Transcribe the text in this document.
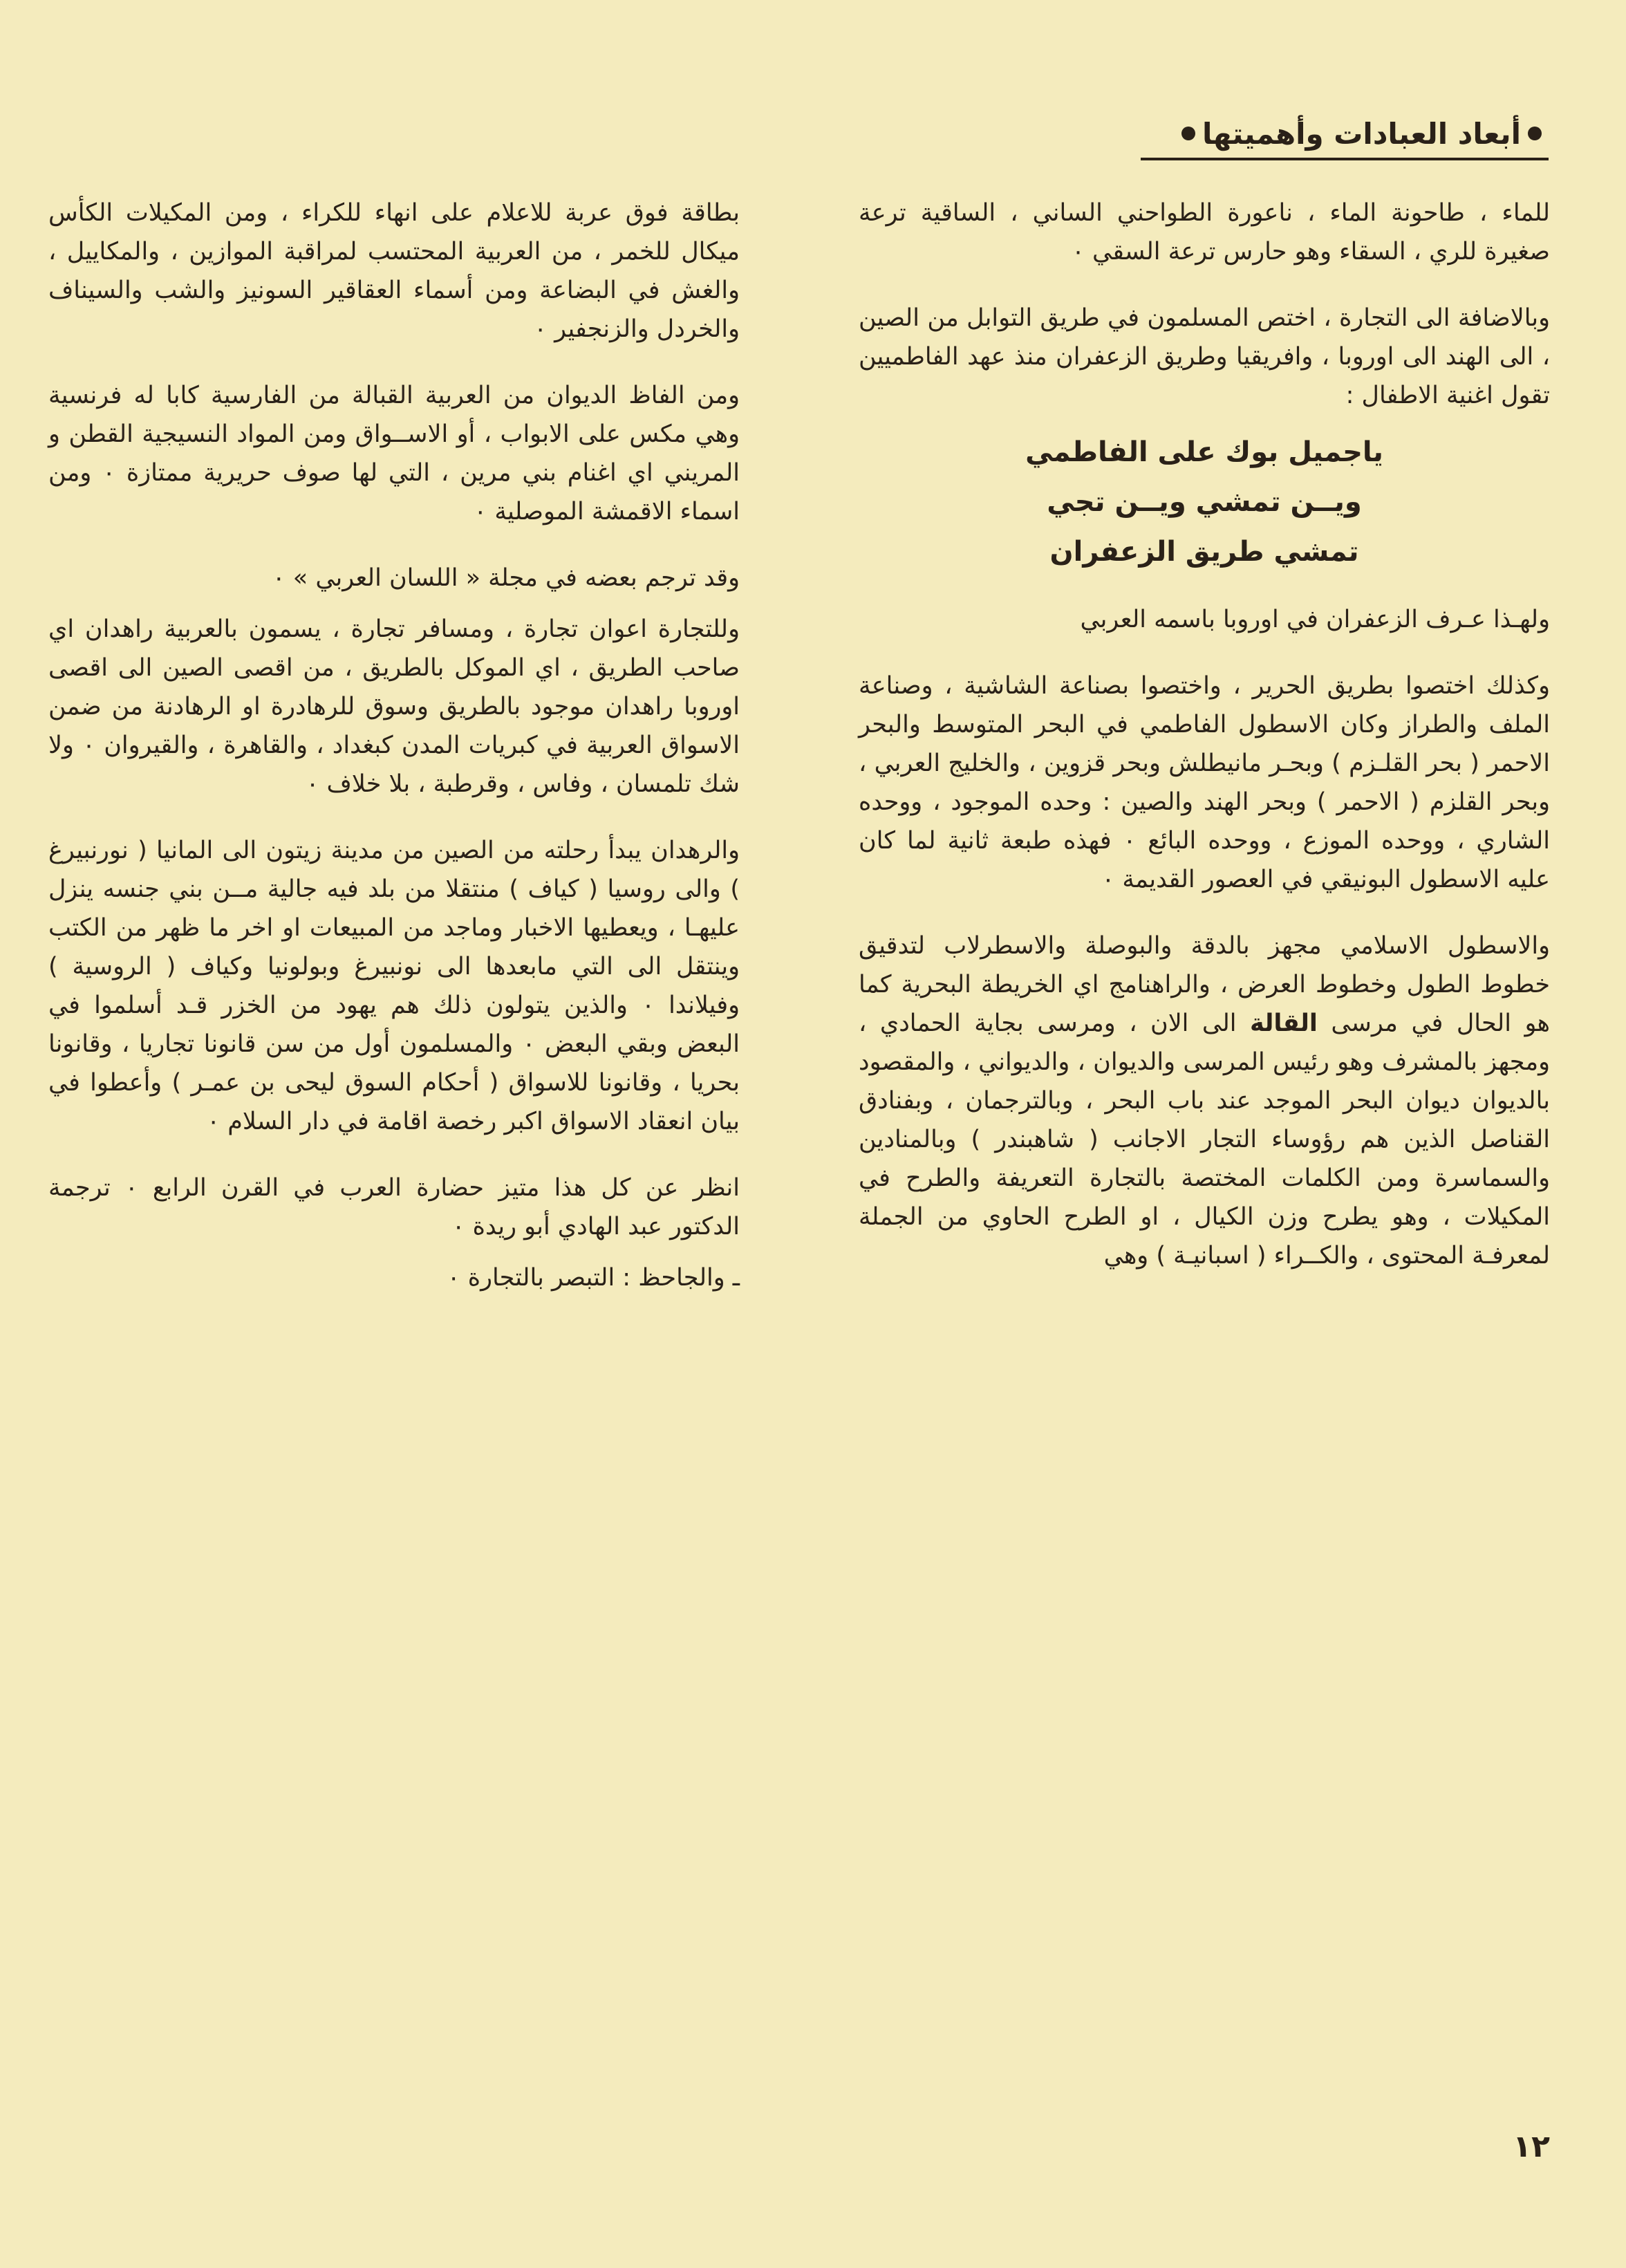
أبعاد العبادات وأهميتها

للماء ، طاحونة الماء ، ناعورة الطواحني الساني ، الساقية ترعة صغيرة للري ، السقاء وهو حارس ترعة السقي ٠

وبالاضافة الى التجارة ، اختص المسلمون في طريق التوابل من الصين ، الى الهند الى اوروبا ، وافريقيا وطريق الزعفران منذ عهد الفاطميين تقول اغنية الاطفال :

ياجميل بوك على الفاطمي
ويــن تمشي ويــن تجي
تمشي طريق الزعفران

ولهـذا عـرف الزعفران في اوروبا باسمه العربي

وكذلك اختصوا بطريق الحرير ، واختصوا بصناعة الشاشية ، وصناعة الملف والطراز وكان الاسطول الفاطمي في البحر المتوسط والبحر الاحمر ( بحر القلـزم ) وبحـر مانيطلش وبحر قزوين ، والخليج العربي ، وبحر القلزم ( الاحمر ) وبحر الهند والصين : وحده الموجود ، ووحده الشاري ، ووحده الموزع ، ووحده البائع ٠ فهذه طبعة ثانية لما كان عليه الاسطول البونيقي في العصور القديمة ٠

والاسطول الاسلامي مجهز بالدقة والبوصلة والاسطرلاب لتدقيق خطوط الطول وخطوط العرض ، والراهنامج اي الخريطة البحرية كما هو الحال في مرسى القالة الى الان ، ومرسى بجاية الحمادي ، ومجهز بالمشرف وهو رئيس المرسى والديوان ، والديواني ، والمقصود بالديوان ديوان البحر الموجد عند باب البحر ، وبالترجمان ، وبفنادق القناصل الذين هم رؤوساء التجار الاجانب ( شاهبندر ) وبالمنادين والسماسرة ومن الكلمات المختصة بالتجارة التعريفة والطرح في المكيلات ، وهو يطرح وزن الكيال ، او الطرح الحاوي من الجملة لمعرفـة المحتوى ، والكــراء ( اسبانيـة ) وهي

بطاقة فوق عربة للاعلام على انهاء للكراء ، ومن المكيلات الكأس ميكال للخمر ، من العربية المحتسب لمراقبة الموازين ، والمكاييل ، والغش في البضاعة ومن أسماء العقاقير السونيز والشب والسيناف والخردل والزنجفير ٠

ومن الفاظ الديوان من العربية القبالة من الفارسية كابا له فرنسية وهي مكس على الابواب ، أو الاســواق ومن المواد النسيجية القطن و المريني اي اغنام بني مرين ، التي لها صوف حريرية ممتازة ٠ ومن اسماء الاقمشة الموصلية ٠

وقد ترجم بعضه في مجلة « اللسان العربي » ٠

وللتجارة اعوان تجارة ، ومسافر تجارة ، يسمون بالعربية راهدان اي صاحب الطريق ، اي الموكل بالطريق ، من اقصى الصين الى اقصى اوروبا راهدان موجود بالطريق وسوق للرهادرة او الرهادنة من ضمن الاسواق العربية في كبريات المدن كبغداد ، والقاهرة ، والقيروان ٠ ولا شك تلمسان ، وفاس ، وقرطبة ، بلا خلاف ٠

والرهدان يبدأ رحلته من الصين من مدينة زيتون الى المانيا ( نورنبيرغ ) والى روسيا ( كياف ) منتقلا من بلد فيه جالية مــن بني جنسه ينزل عليهـا ، ويعطيها الاخبار وماجد من المبيعات او اخر ما ظهر من الكتب وينتقل الى التي مابعدها الى نونبيرغ وبولونيا وكياف ( الروسية ) وفيلاندا ٠ والذين يتولون ذلك هم يهود من الخزر قـد أسلموا في البعض وبقي البعض ٠ والمسلمون أول من سن قانونا تجاريا ، وقانونا بحريا ، وقانونا للاسواق ( أحكام السوق ليحى بن عمـر ) وأعطوا في بيان انعقاد الاسواق اكبر رخصة اقامة في دار السلام ٠

انظر عن كل هذا متيز حضارة العرب في القرن الرابع ٠ ترجمة الدكتور عبد الهادي أبو ريدة ٠

ـ والجاحظ : التبصر بالتجارة ٠

١٢
